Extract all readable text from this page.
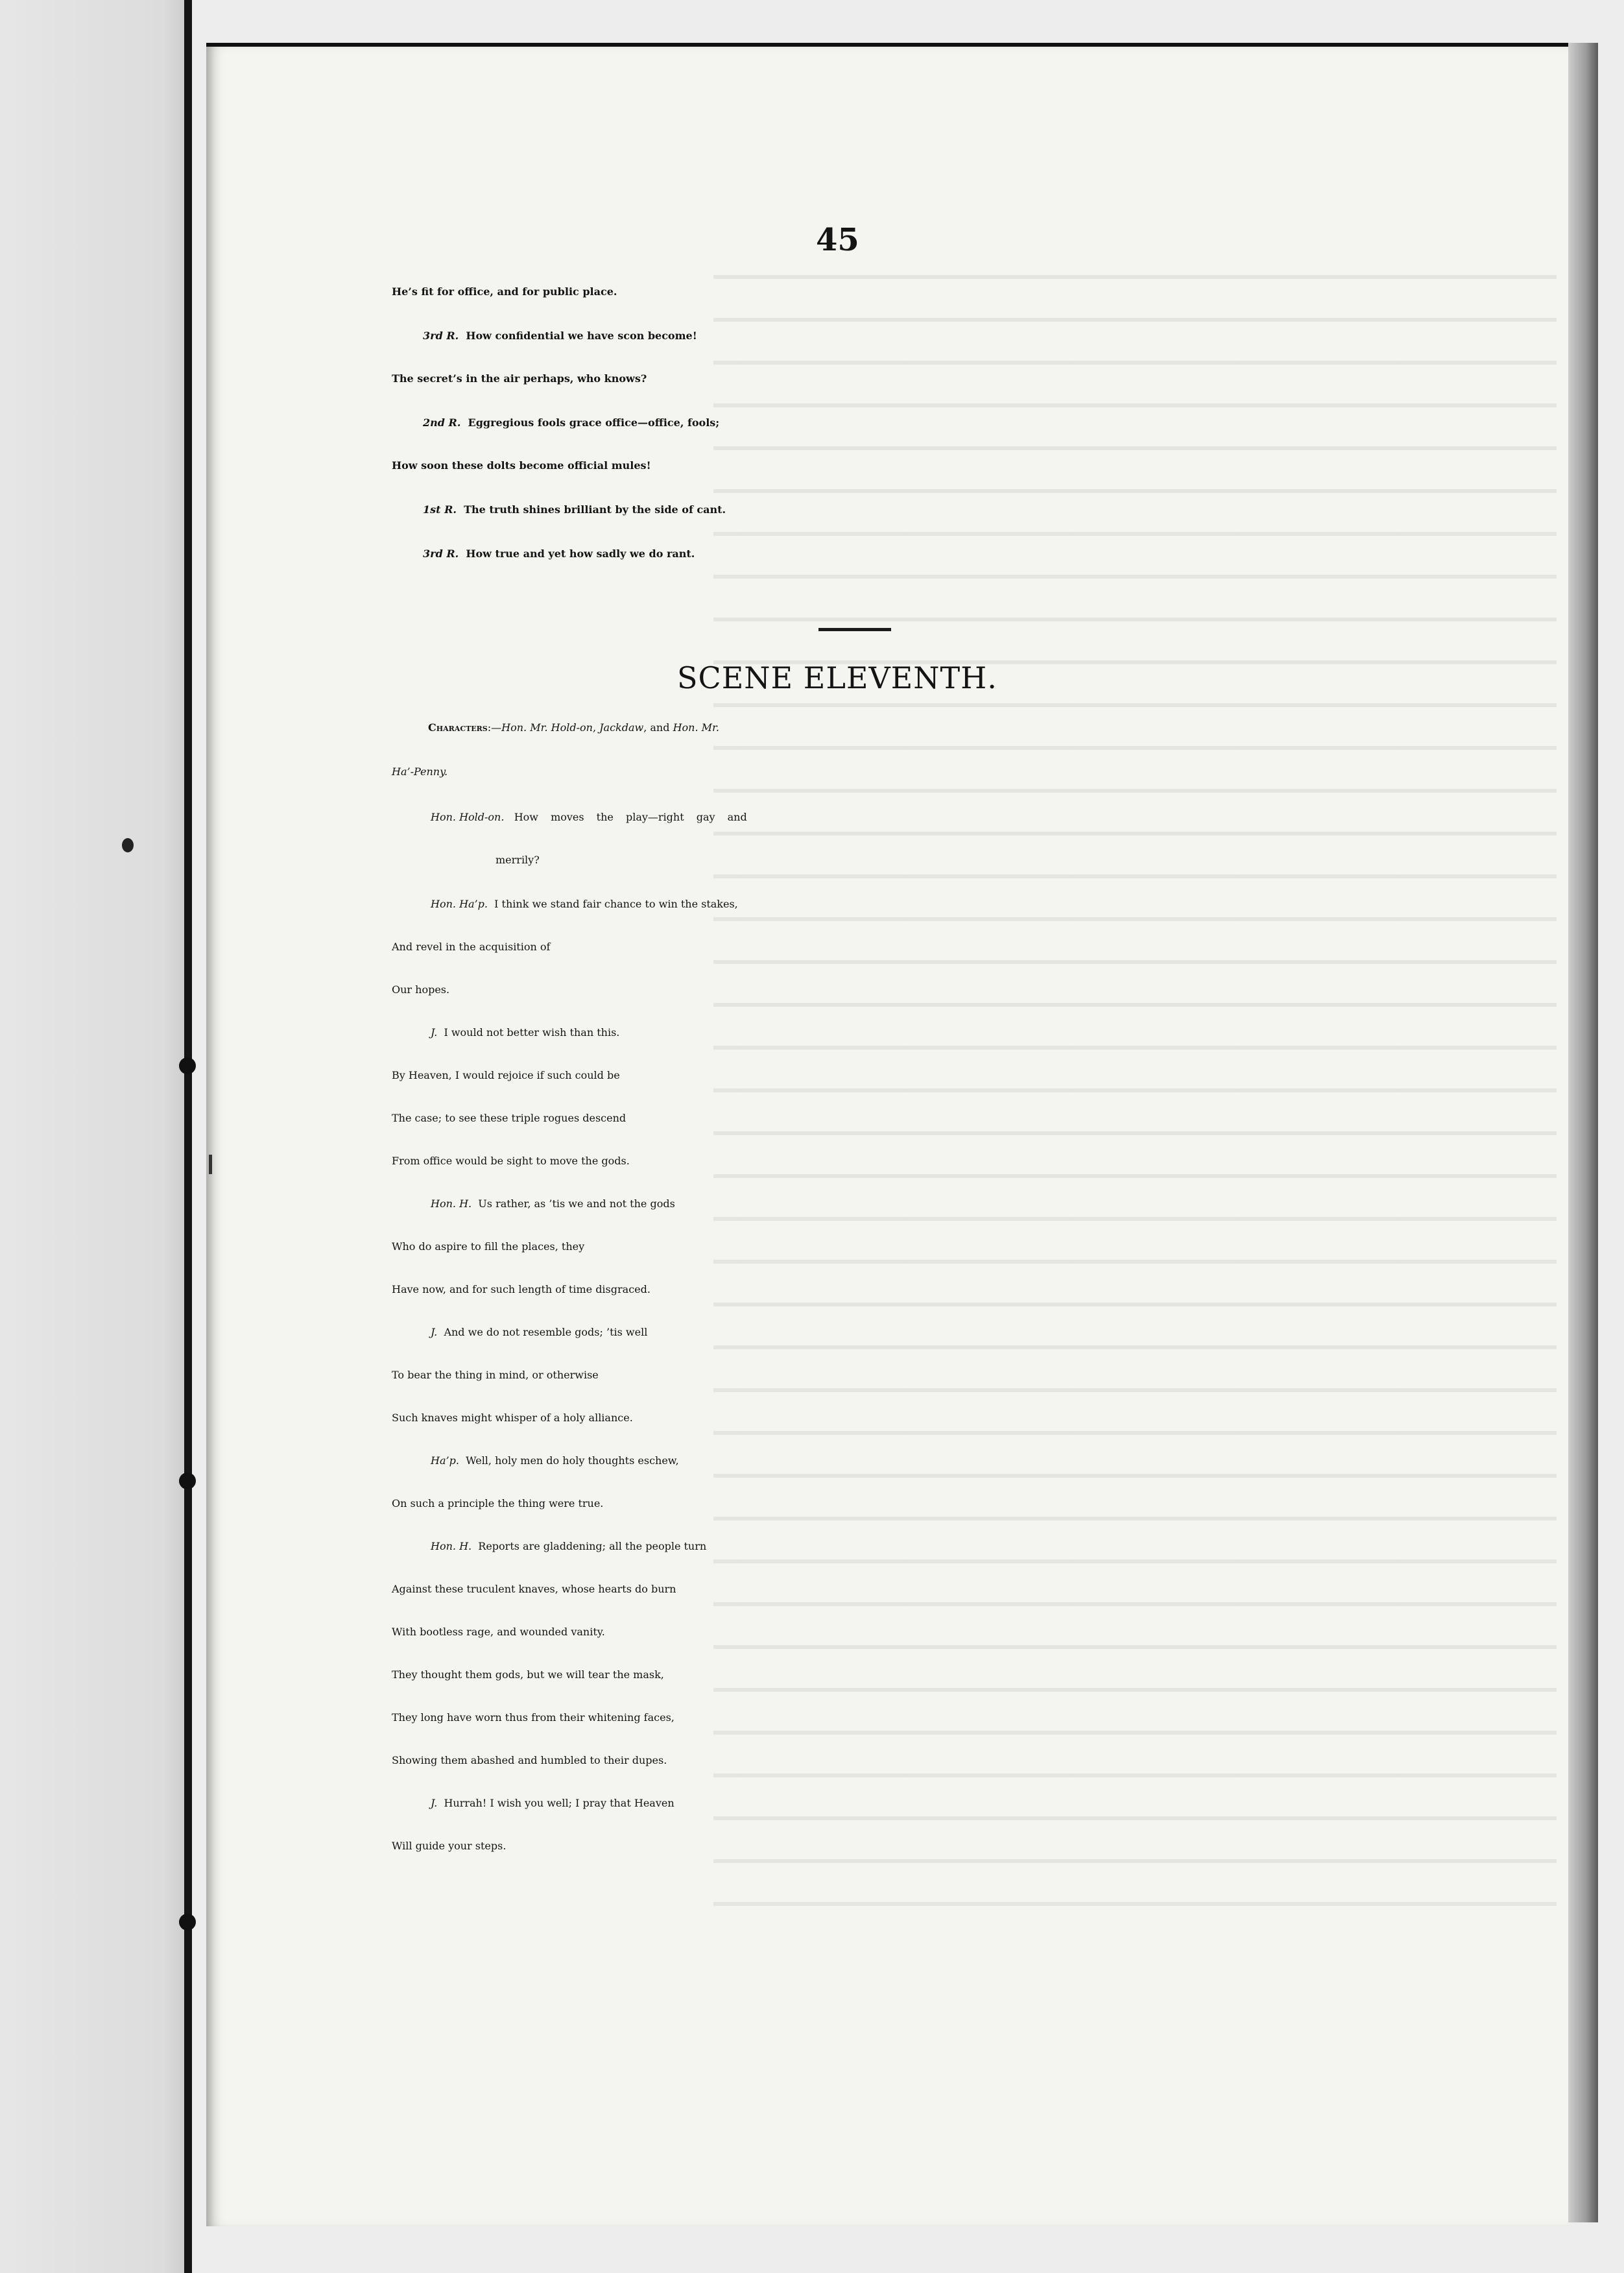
45
He’s fit for office, and for public place.
3rd R. How confidential we have scon become!
The secret’s in the air perhaps, who knows?
2nd R. Eggregious fools grace office—office, fools;
How soon these dolts become official mules!
1st R. The truth shines brilliant by the side of cant.
3rd R. How true and yet how sadly we do rant.
SCENE ELEVENTH.
Characters:—Hon. Mr. Hold-on, Jackdaw, and Hon. Mr.
Ha’-Penny.
Hon. Hold-on. How moves the play—right gay and
merrily?
Hon. Ha’p. I think we stand fair chance to win the stakes,
And revel in the acquisition of
Our hopes.
J. I would not better wish than this.
By Heaven, I would rejoice if such could be
The case; to see these triple rogues descend
From office would be sight to move the gods.
Hon. H. Us rather, as ’tis we and not the gods
Who do aspire to fill the places, they
Have now, and for such length of time disgraced.
J. And we do not resemble gods; ’tis well
To bear the thing in mind, or otherwise
Such knaves might whisper of a holy alliance.
Ha’p. Well, holy men do holy thoughts eschew,
On such a principle the thing were true.
Hon. H. Reports are gladdening; all the people turn
Against these truculent knaves, whose hearts do burn
With bootless rage, and wounded vanity.
They thought them gods, but we will tear the mask,
They long have worn thus from their whitening faces,
Showing them abashed and humbled to their dupes.
J. Hurrah! I wish you well; I pray that Heaven
Will guide your steps.
